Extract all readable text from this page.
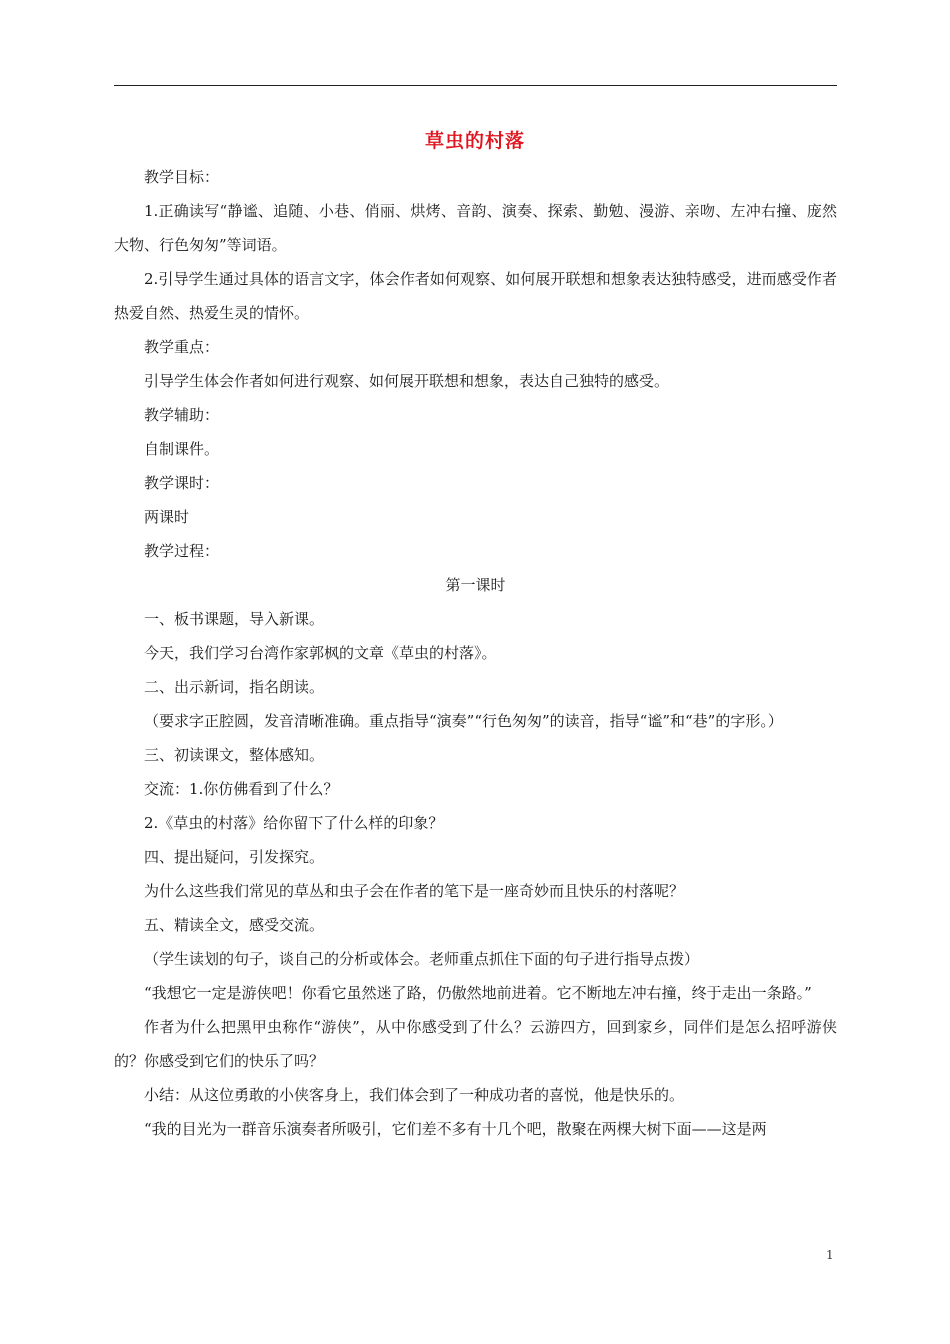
草虫的村落

教学目标：

1.正确读写“静谧、追随、小巷、俏丽、烘烤、音韵、演奏、探索、勤勉、漫游、亲吻、左冲右撞、庞然大物、行色匆匆”等词语。

2.引导学生通过具体的语言文字，体会作者如何观察、如何展开联想和想象表达独特感受，进而感受作者热爱自然、热爱生灵的情怀。

教学重点：

引导学生体会作者如何进行观察、如何展开联想和想象，表达自己独特的感受。

教学辅助：

自制课件。

教学课时：

两课时

教学过程：

第一课时

一、板书课题，导入新课。

今天，我们学习台湾作家郭枫的文章《草虫的村落》。

二、出示新词，指名朗读。

（要求字正腔圆，发音清晰准确。重点指导“演奏”“行色匆匆”的读音，指导“谧”和“巷”的字形。）

三、初读课文，整体感知。

交流：1.你仿佛看到了什么？

2.《草虫的村落》给你留下了什么样的印象？

四、提出疑问，引发探究。

为什么这些我们常见的草丛和虫子会在作者的笔下是一座奇妙而且快乐的村落呢？

五、精读全文，感受交流。

（学生读划的句子，谈自己的分析或体会。老师重点抓住下面的句子进行指导点拨）

“我想它一定是游侠吧！你看它虽然迷了路，仍傲然地前进着。它不断地左冲右撞，终于走出一条路。”

作者为什么把黑甲虫称作“游侠”，从中你感受到了什么？云游四方，回到家乡，同伴们是怎么招呼游侠的？你感受到它们的快乐了吗？

小结：从这位勇敢的小侠客身上，我们体会到了一种成功者的喜悦，他是快乐的。

“我的目光为一群音乐演奏者所吸引，它们差不多有十几个吧，散聚在两棵大树下面——这是两

1
